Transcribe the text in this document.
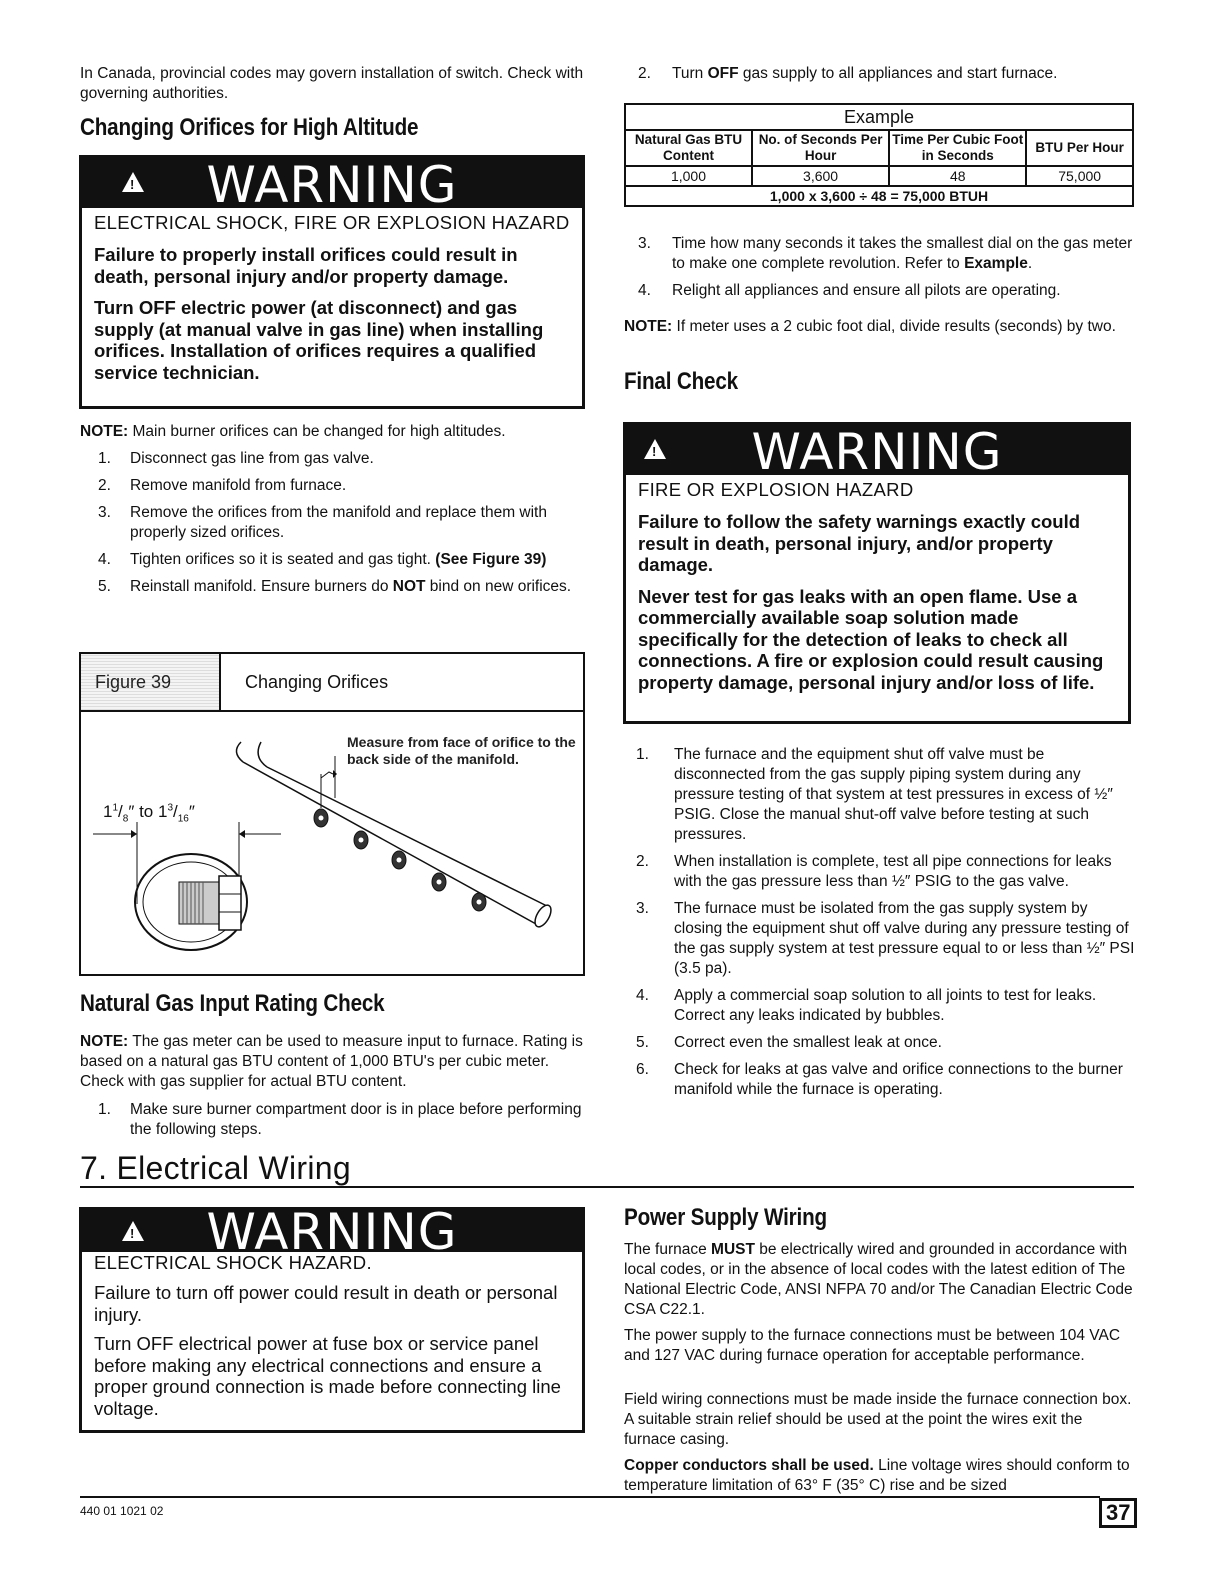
In Canada, provincial codes may govern installation of switch. Check with governing authorities.
Changing Orifices for High Altitude
!	WARNING
ELECTRICAL SHOCK, FIRE OR EXPLOSION HAZARD
Failure to properly install orifices could result in death, personal injury and/or property damage.
Turn OFF electric power (at disconnect) and gas supply (at manual valve in gas line) when installing orifices. Installation of orifices requires a qualified service technician.
NOTE: Main burner orifices can be changed for high altitudes.
1. Disconnect gas line from gas valve.
2. Remove manifold from furnace.
3. Remove the orifices from the manifold and replace them with properly sized orifices.
4. Tighten orifices so it is seated and gas tight. (See Figure 39)
5. Reinstall manifold. Ensure burners do NOT bind on new orifices.
Figure 39	Changing Orifices
Measure from face of orifice to the back side of the manifold.
$1^1/_8''$ to $1^3/_{16}''$
Natural Gas Input Rating Check
NOTE: The gas meter can be used to measure input to furnace. Rating is based on a natural gas BTU content of 1,000 BTU's per cubic meter. Check with gas supplier for actual BTU content.
1. Make sure burner compartment door is in place before performing the following steps.
2. Turn OFF gas supply to all appliances and start furnace.
Example			
Natural Gas BTU Content	No. of Seconds Per Hour	Time Per Cubic Foot in Seconds	BTU Per Hour
1,000	3,600	48	75,000
1,000 x 3,600 ÷ 48 = 75,000 BTUH			
3. Time how many seconds it takes the smallest dial on the gas meter to make one complete revolution. Refer to Example.
4. Relight all appliances and ensure all pilots are operating.
NOTE: If meter uses a 2 cubic foot dial, divide results (seconds) by two.
Final Check
!	WARNING
FIRE OR EXPLOSION HAZARD
Failure to follow the safety warnings exactly could result in death, personal injury, and/or property damage.
Never test for gas leaks with an open flame. Use a commercially available soap solution made specifically for the detection of leaks to check all connections. A fire or explosion could result causing property damage, personal injury and/or loss of life.
1. The furnace and the equipment shut off valve must be disconnected from the gas supply piping system during any pressure testing of that system at test pressures in excess of ½″ PSIG. Close the manual shut-off valve before testing at such pressures.
2. When installation is complete, test all pipe connections for leaks with the gas pressure less than ½″ PSIG to the gas valve.
3. The furnace must be isolated from the gas supply system by closing the equipment shut off valve during any pressure testing of the gas supply system at test pressure equal to or less than ½″ PSI (3.5 pa).
4. Apply a commercial soap solution to all joints to test for leaks. Correct any leaks indicated by bubbles.
5. Correct even the smallest leak at once.
6. Check for leaks at gas valve and orifice connections to the burner manifold while the furnace is operating.
7. Electrical Wiring
!	WARNING
ELECTRICAL SHOCK HAZARD.
Failure to turn off power could result in death or personal injury.
Turn OFF electrical power at fuse box or service panel before making any electrical connections and ensure a proper ground connection is made before connecting line voltage.
Power Supply Wiring
The furnace MUST be electrically wired and grounded in accordance with local codes, or in the absence of local codes with the latest edition of The National Electric Code, ANSI NFPA 70 and/or The Canadian Electric Code CSA C22.1.
The power supply to the furnace connections must be between 104 VAC and 127 VAC during furnace operation for acceptable performance.
Field wiring connections must be made inside the furnace connection box. A suitable strain relief should be used at the point the wires exit the furnace casing.
Copper conductors shall be used. Line voltage wires should conform to temperature limitation of 63° F (35° C) rise and be sized
440 01 1021 02	37
